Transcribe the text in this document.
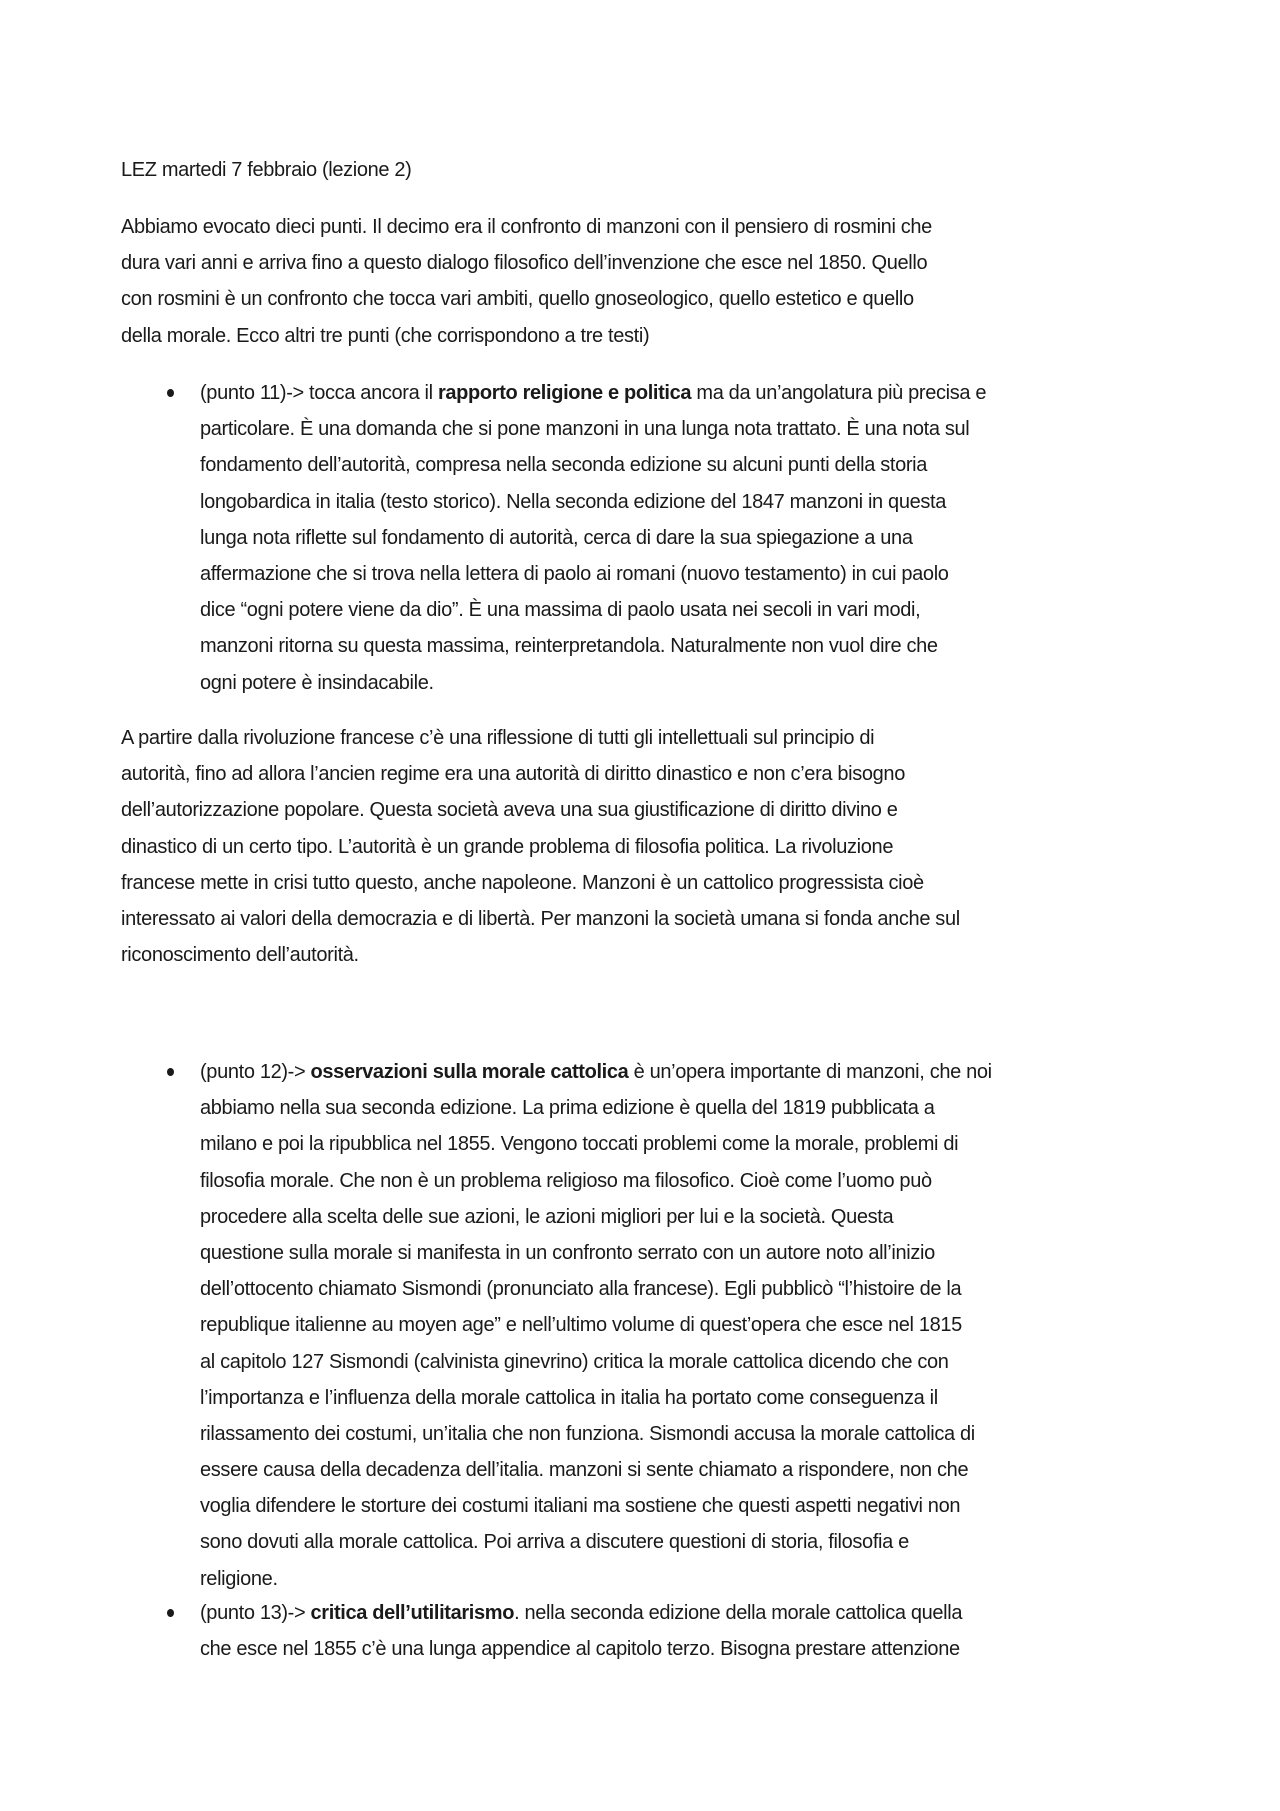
LEZ martedi 7 febbraio (lezione 2)
Abbiamo evocato dieci punti. Il decimo era il confronto di manzoni con il pensiero di rosmini che
dura vari anni e arriva fino a questo dialogo filosofico dell’invenzione che esce nel 1850. Quello
con rosmini è un confronto che tocca vari ambiti, quello gnoseologico, quello estetico e quello
della morale. Ecco altri tre punti (che corrispondono a tre testi)
(punto 11)-> tocca ancora il rapporto religione e politica ma da un’angolatura più precisa e
particolare. È una domanda che si pone manzoni in una lunga nota trattato. È una nota sul
fondamento dell’autorità, compresa nella seconda edizione su alcuni punti della storia
longobardica in italia (testo storico). Nella seconda edizione del 1847 manzoni in questa
lunga nota riflette sul fondamento di autorità, cerca di dare la sua spiegazione a una
affermazione che si trova nella lettera di paolo ai romani (nuovo testamento) in cui paolo
dice “ogni potere viene da dio”. È una massima di paolo usata nei secoli in vari modi,
manzoni ritorna su questa massima, reinterpretandola. Naturalmente non vuol dire che
ogni potere è insindacabile.
A partire dalla rivoluzione francese c’è una riflessione di tutti gli intellettuali sul principio di
autorità, fino ad allora l’ancien regime era una autorità di diritto dinastico e non c’era bisogno
dell’autorizzazione popolare. Questa società aveva una sua giustificazione di diritto divino e
dinastico di un certo tipo. L’autorità è un grande problema di filosofia politica. La rivoluzione
francese mette in crisi tutto questo, anche napoleone. Manzoni è un cattolico progressista cioè
interessato ai valori della democrazia e di libertà. Per manzoni la società umana si fonda anche sul
riconoscimento dell’autorità.
(punto 12)-> osservazioni sulla morale cattolica è un’opera importante di manzoni, che noi
abbiamo nella sua seconda edizione. La prima edizione è quella del 1819 pubblicata a
milano e poi la ripubblica nel 1855. Vengono toccati problemi come la morale, problemi di
filosofia morale. Che non è un problema religioso ma filosofico. Cioè come l’uomo può
procedere alla scelta delle sue azioni, le azioni migliori per lui e la società. Questa
questione sulla morale si manifesta in un confronto serrato con un autore noto all’inizio
dell’ottocento chiamato Sismondi (pronunciato alla francese). Egli pubblicò “l’histoire de la
republique italienne au moyen age” e nell’ultimo volume di quest’opera che esce nel 1815
al capitolo 127 Sismondi (calvinista ginevrino) critica la morale cattolica dicendo che con
l’importanza e l’influenza della morale cattolica in italia ha portato come conseguenza il
rilassamento dei costumi, un’italia che non funziona. Sismondi accusa la morale cattolica di
essere causa della decadenza dell’italia. manzoni si sente chiamato a rispondere, non che
voglia difendere le storture dei costumi italiani ma sostiene che questi aspetti negativi non
sono dovuti alla morale cattolica. Poi arriva a discutere questioni di storia, filosofia e
religione.
(punto 13)-> critica dell’utilitarismo. nella seconda edizione della morale cattolica quella
che esce nel 1855 c’è una lunga appendice al capitolo terzo. Bisogna prestare attenzione
